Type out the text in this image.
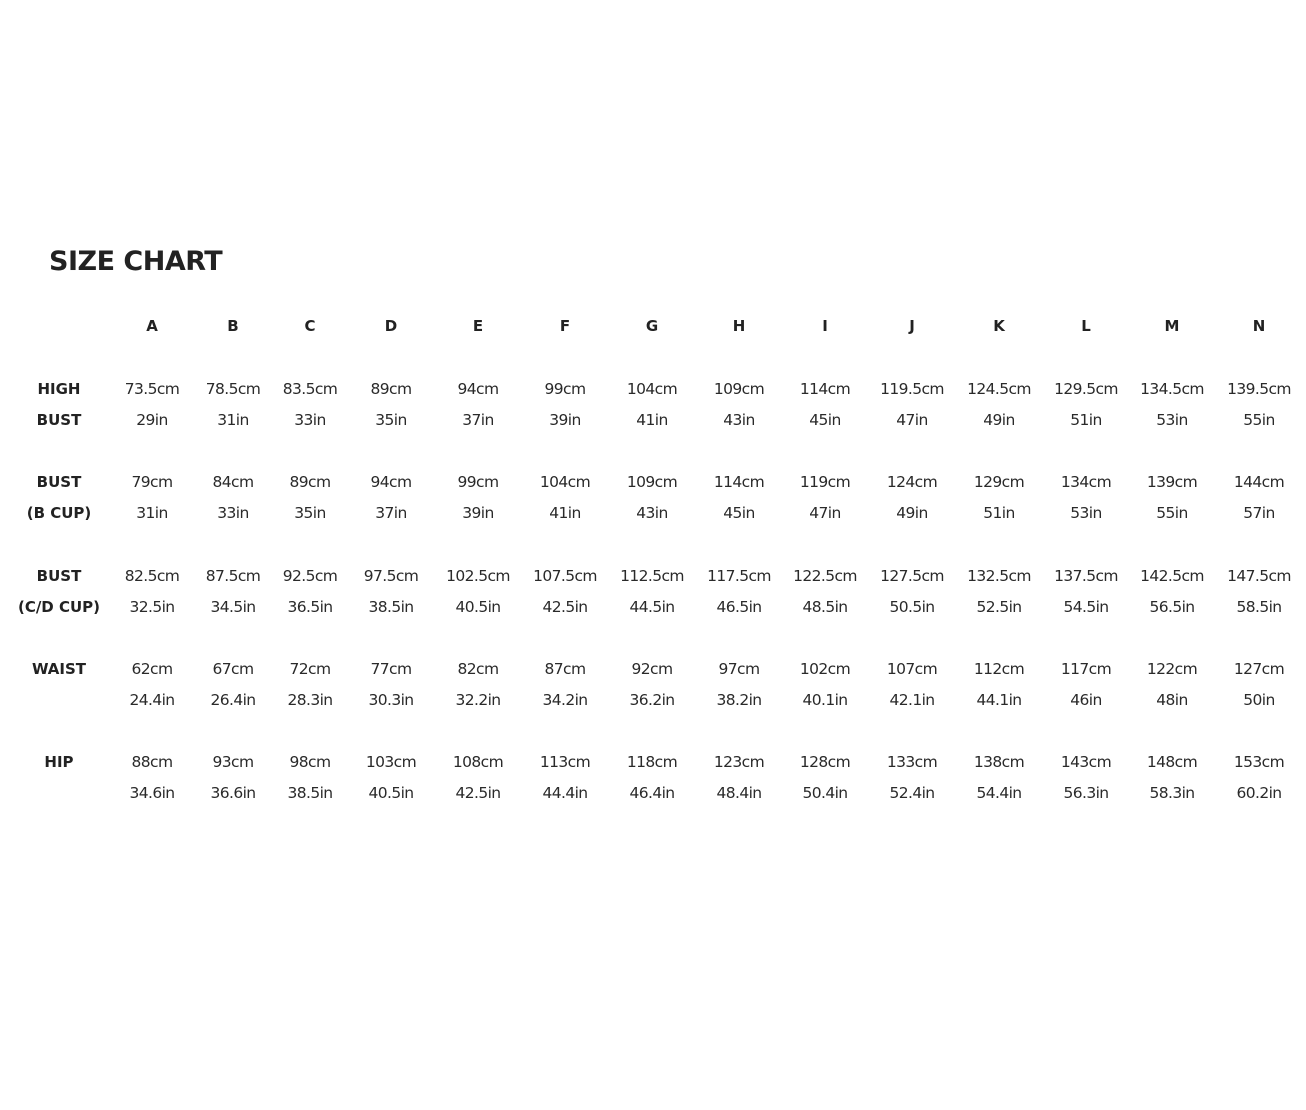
SIZE CHART
A	B	C	D	E	F	G	H	I	J	K	L	M	N
HIGH
BUST
73.5cm	78.5cm	83.5cm	89cm	94cm	99cm	104cm	109cm	114cm	119.5cm	124.5cm	129.5cm	134.5cm	139.5cm
29in	31in	33in	35in	37in	39in	41in	43in	45in	47in	49in	51in	53in	55in
BUST
(B CUP)
79cm	84cm	89cm	94cm	99cm	104cm	109cm	114cm	119cm	124cm	129cm	134cm	139cm	144cm
31in	33in	35in	37in	39in	41in	43in	45in	47in	49in	51in	53in	55in	57in
BUST
(C/D CUP)
82.5cm	87.5cm	92.5cm	97.5cm	102.5cm	107.5cm	112.5cm	117.5cm	122.5cm	127.5cm	132.5cm	137.5cm	142.5cm	147.5cm
32.5in	34.5in	36.5in	38.5in	40.5in	42.5in	44.5in	46.5in	48.5in	50.5in	52.5in	54.5in	56.5in	58.5in
WAIST	62cm	67cm	72cm	77cm	82cm	87cm	92cm	97cm	102cm	107cm	112cm	117cm	122cm	127cm
24.4in	26.4in	28.3in	30.3in	32.2in	34.2in	36.2in	38.2in	40.1in	42.1in	44.1in	46in	48in	50in
HIP	88cm	93cm	98cm	103cm	108cm	113cm	118cm	123cm	128cm	133cm	138cm	143cm	148cm	153cm
34.6in	36.6in	38.5in	40.5in	42.5in	44.4in	46.4in	48.4in	50.4in	52.4in	54.4in	56.3in	58.3in	60.2in
